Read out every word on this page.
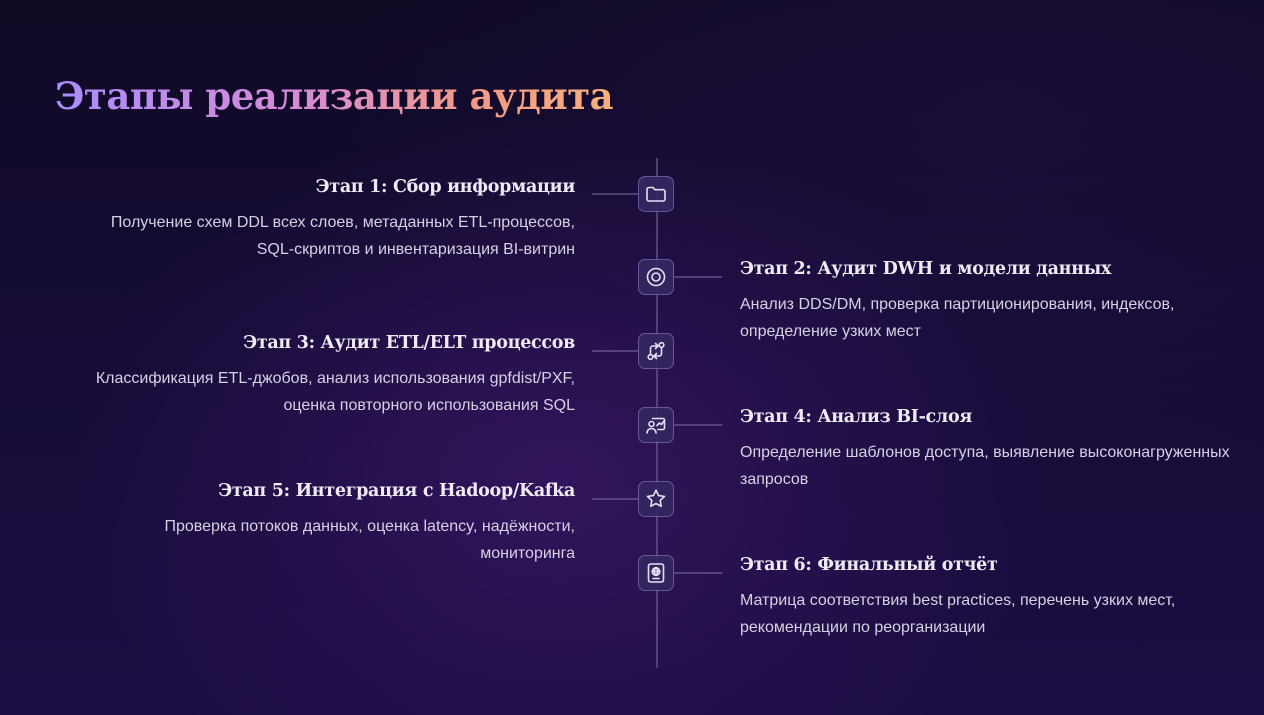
Этапы реализации аудита
Этап 1: Сбор информации

Получение схем DDL всех слоев, метаданных ETL-процессов,
SQL-скриптов и инвентаризация BI-витрин

Этап 2: Аудит DWH и модели данных

Анализ DDS/DM, проверка партиционирования, индексов,
определение узких мест

Этап 3: Аудит ETL/ELT процессов

Классификация ETL-джобов, анализ использования gpfdist/PXF,
оценка повторного использования SQL

Этап 4: Анализ BI-слоя

Определение шаблонов доступа, выявление высоконагруженных
запросов

Этап 5: Интеграция с Hadoop/Kafka

Проверка потоков данных, оценка latency, надёжности,
мониторинга

Этап 6: Финальный отчёт

Матрица соответствия best practices, перечень узких мест,
рекомендации по реорганизации
